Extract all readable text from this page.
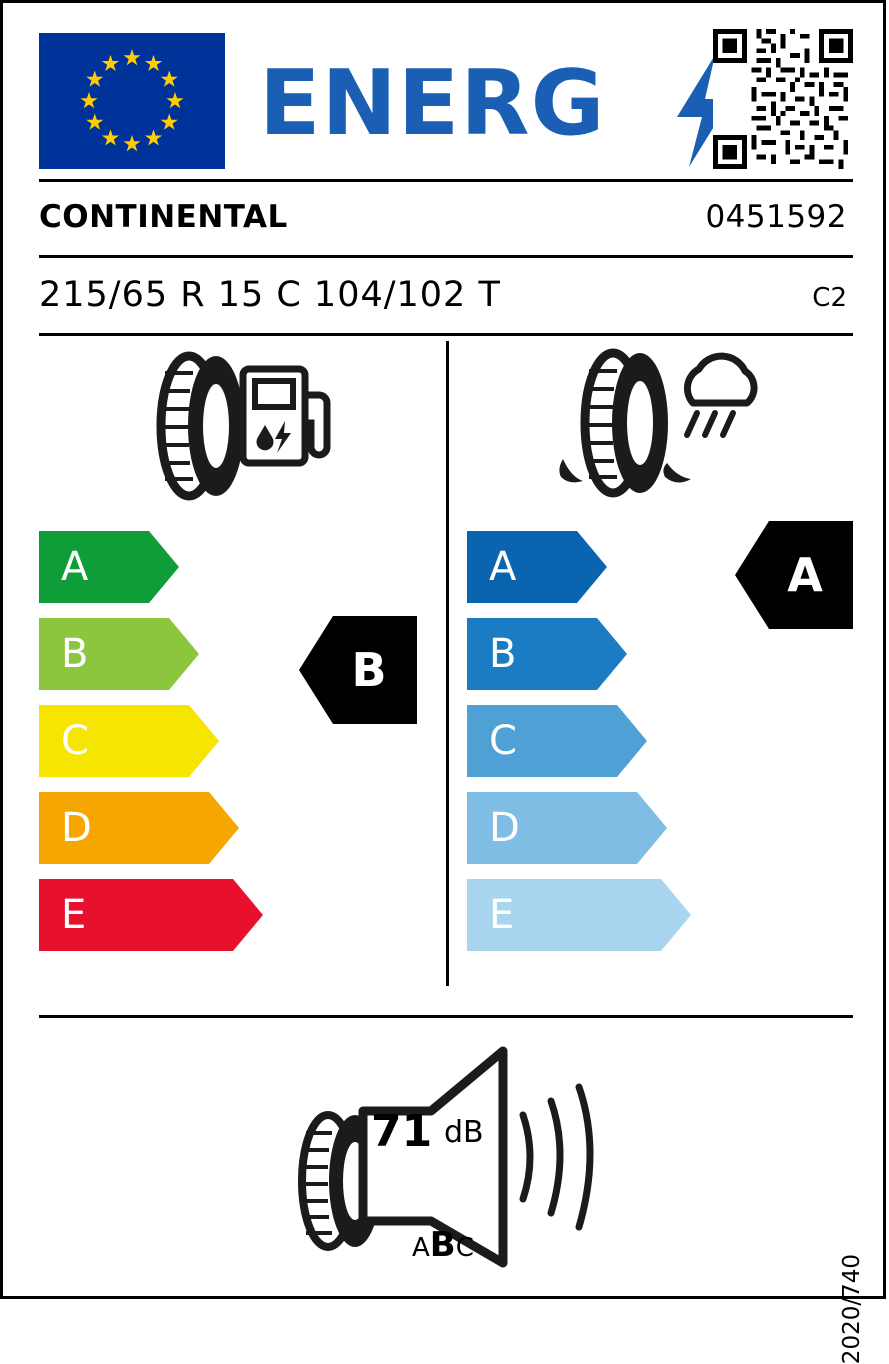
ENERG
CONTINENTAL	0451592
215/65 R 15 C 104/102 T	C2
A
B
C
D
E
B
A
B
C
D
E
A
71 dB
ABC
2020/740
